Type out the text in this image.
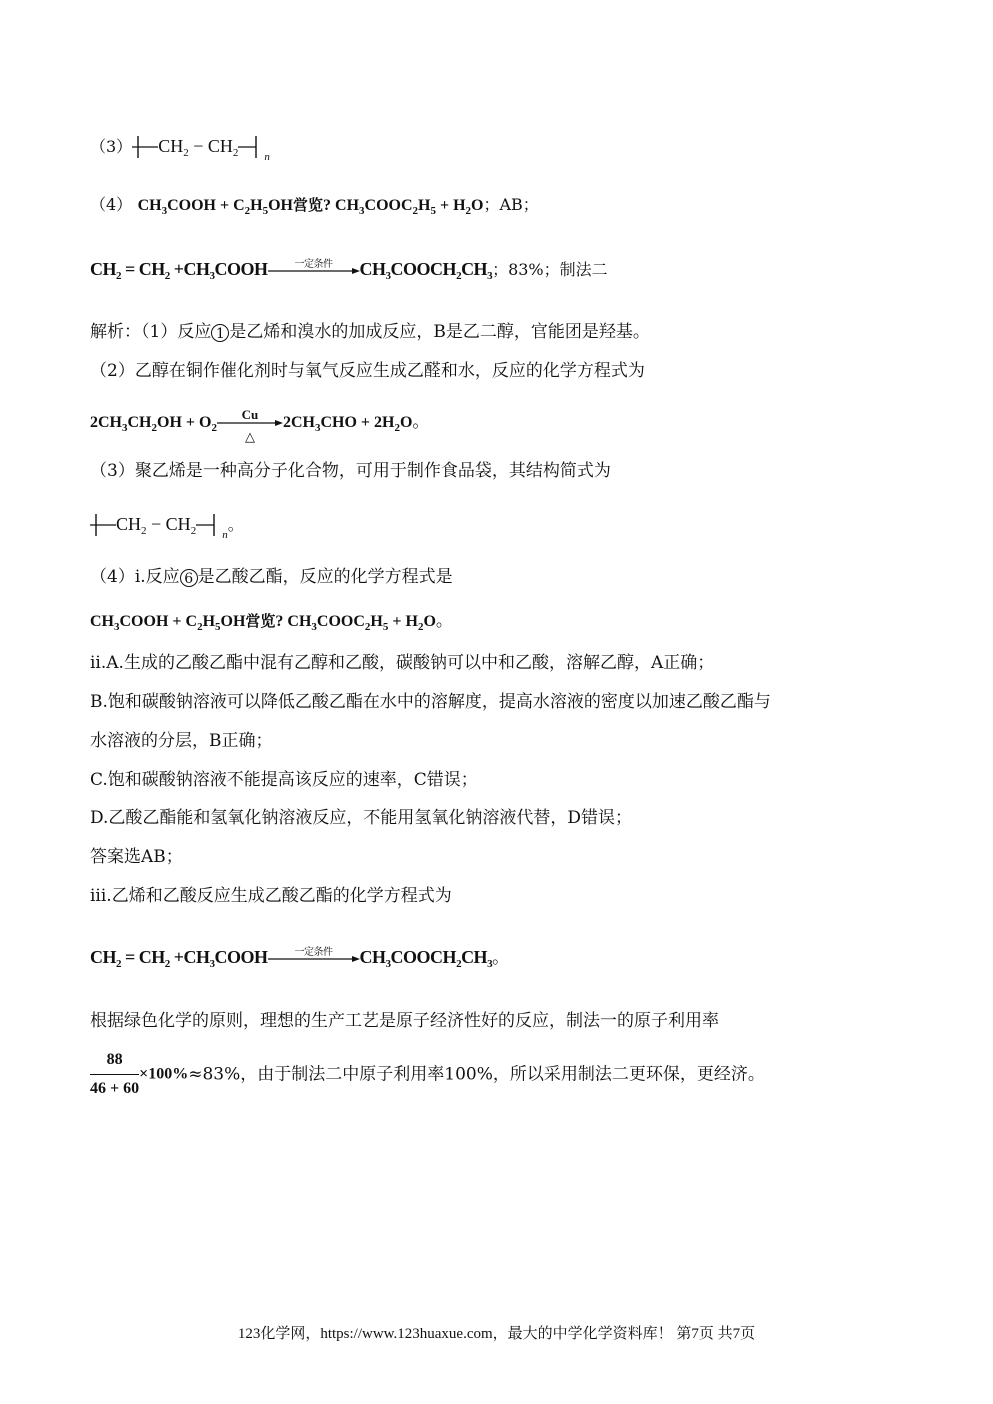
（3） $CH_2 - CH_2$ $_n$
（4） $CH_3COOH + C_2H_5OH$営览? $CH_3COOC_2H_5 + H_2O$；AB；
$CH_2 = CH_2$ $+CH_3COOH$	一定条件	$CH_3COOCH_2CH_3$；83%；制法二
解析：（1）反应 1 是乙烯和溴水的加成反应，B是乙二醇，官能团是羟基。
（2）乙醇在铜作催化剂时与氧气反应生成乙醛和水，反应的化学方程式为
$2CH_3CH_2OH + O_2$
Cu
△
$2CH_3CHO + 2H_2O$。
（3）聚乙烯是一种高分子化合物，可用于制作食品袋，其结构简式为
$CH_2 - CH_2$ $_n$。
（4）i.反应 6 是乙酸乙酯，反应的化学方程式是
$CH_3COOH + C_2H_5OH$営览? $CH_3COOC_2H_5 + H_2O$。
ii.A.生成的乙酸乙酯中混有乙醇和乙酸，碳酸钠可以中和乙酸，溶解乙醇，A正确；
B.饱和碳酸钠溶液可以降低乙酸乙酯在水中的溶解度，提高水溶液的密度以加速乙酸乙酯与
水溶液的分层，B正确；
C.饱和碳酸钠溶液不能提高该反应的速率，C错误；
D.乙酸乙酯能和氢氧化钠溶液反应，不能用氢氧化钠溶液代替，D错误；
答案选AB；
iii.乙烯和乙酸反应生成乙酸乙酯的化学方程式为
$CH_2 = CH_2$ $+CH_3COOH$	一定条件	$CH_3COOCH_2CH_3$。
根据绿色化学的原则，理想的生产工艺是原子经济性好的反应，制法一的原子利用率
$\frac{88}{46 + 60} \times 100\%\approx 83\%$，由于制法二中原子利用率100%，所以采用制法二更环保，更经济。
123化学网，https://www.123huaxue.com，最大的中学化学资料库！ 第7页 共7页
